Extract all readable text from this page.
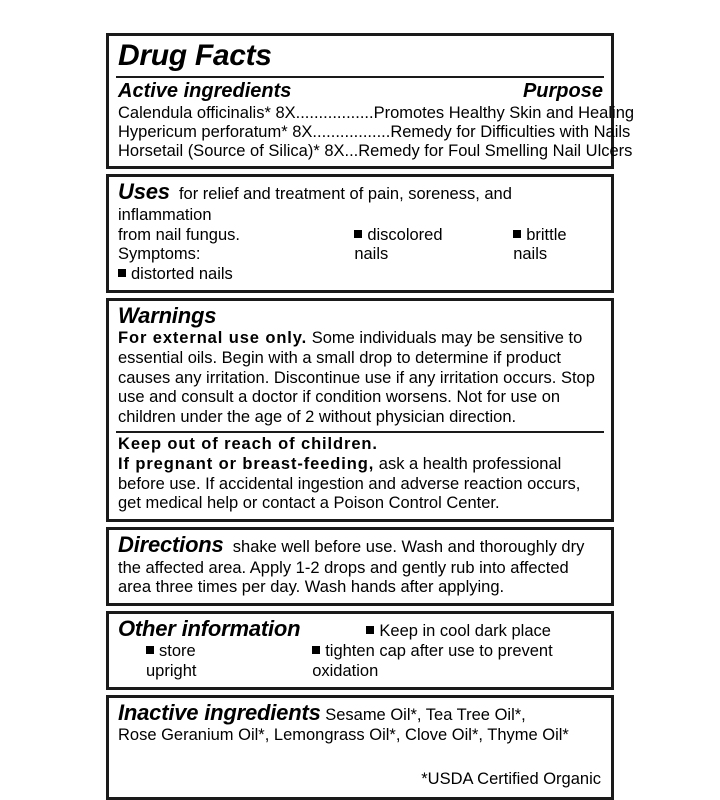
Drug Facts
Active ingredients	Purpose
Calendula officinalis* 8X.................Promotes Healthy Skin and Healing
Hypericum perforatum* 8X.................Remedy for Difficulties with Nails
Horsetail (Source of Silica)* 8X...Remedy for Foul Smelling Nail Ulcers
Uses for relief and treatment of pain, soreness, and inflammation
from nail fungus. Symptoms:
discolored nails
brittle nails
distorted nails
Warnings
For external use only. Some individuals may be sensitive to essential oils. Begin with a small drop to determine if product causes any irritation. Discontinue use if any irritation occurs. Stop use and consult a doctor if condition worsens. Not for use on children under the age of 2 without physician direction.
Keep out of reach of children.
If pregnant or breast-feeding, ask a health professional before use. If accidental ingestion and adverse reaction occurs, get medical help or contact a Poison Control Center.
Directions  shake well before use. Wash and thoroughly dry the affected area. Apply 1-2 drops and gently rub into affected area three times per day. Wash hands after applying.
Other information	Keep in cool dark place
store upright
tighten cap after use to prevent oxidation
Inactive ingredients Sesame Oil*, Tea Tree Oil*,
Rose Geranium Oil*, Lemongrass Oil*, Clove Oil*, Thyme Oil*
*USDA Certified Organic
